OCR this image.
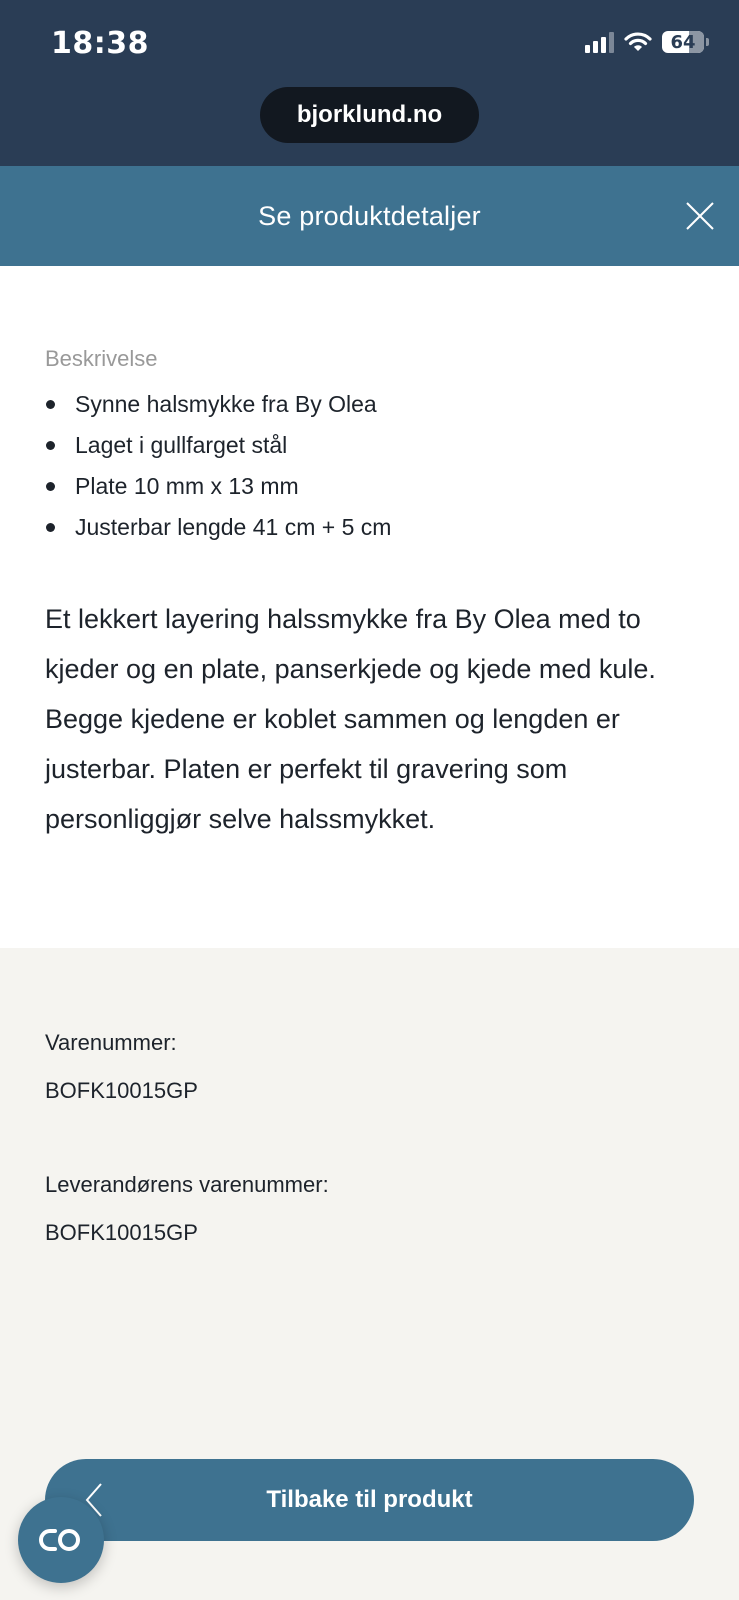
18:38	64
bjorklund.no
Se produktdetaljer
Beskrivelse
Synne halsmykke fra By Olea
Laget i gullfarget stål
Plate 10 mm x 13 mm
Justerbar lengde 41 cm + 5 cm

Et lekkert layering halssmykke fra By Olea med to kjeder og en plate, panserkjede og kjede med kule. Begge kjedene er koblet sammen og lengden er justerbar. Platen er perfekt til gravering som personliggjør selve halssmykket.

Varenummer:
BOFK10015GP
Leverandørens varenummer:
BOFK10015GP
Tilbake til produkt
